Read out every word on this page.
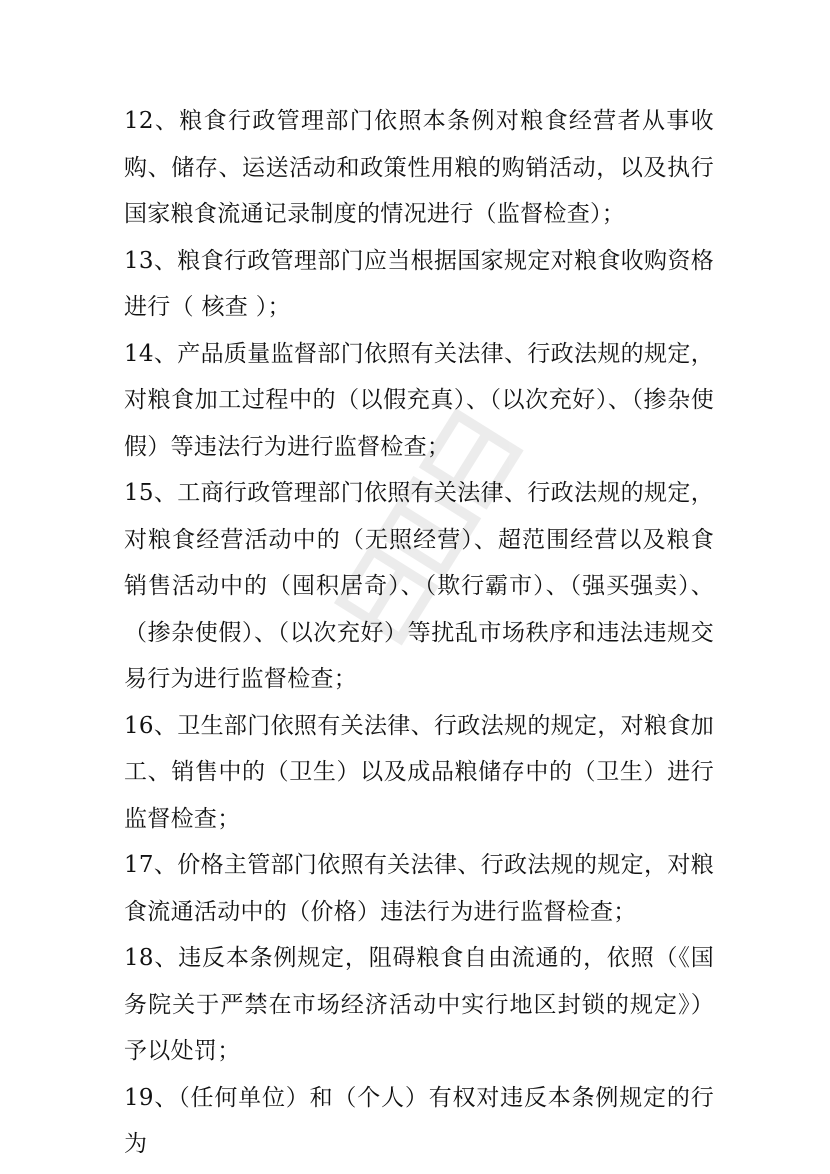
12、粮食行政管理部门依照本条例对粮食经营者从事收购、储存、运送活动和政策性用粮的购销活动，以及执行国家粮食流通记录制度的情况进行（监督检查）；

13、粮食行政管理部门应当根据国家规定对粮食收购资格进行（ 核查 ）；

14、产品质量监督部门依照有关法律、行政法规的规定，对粮食加工过程中的（以假充真）、（以次充好）、（掺杂使假）等违法行为进行监督检查；

15、工商行政管理部门依照有关法律、行政法规的规定，对粮食经营活动中的（无照经营）、超范围经营以及粮食销售活动中的（囤积居奇）、（欺行霸市）、（强买强卖）、（掺杂使假）、（以次充好）等扰乱市场秩序和违法违规交易行为进行监督检查；

16、卫生部门依照有关法律、行政法规的规定，对粮食加工、销售中的（卫生）以及成品粮储存中的（卫生）进行监督检查；

17、价格主管部门依照有关法律、行政法规的规定，对粮食流通活动中的（价格）违法行为进行监督检查；

18、违反本条例规定，阻碍粮食自由流通的，依照（《国务院关于严禁在市场经济活动中实行地区封锁的规定》）予以处罚；

19、（任何单位）和（个人）有权对违反本条例规定的行为
